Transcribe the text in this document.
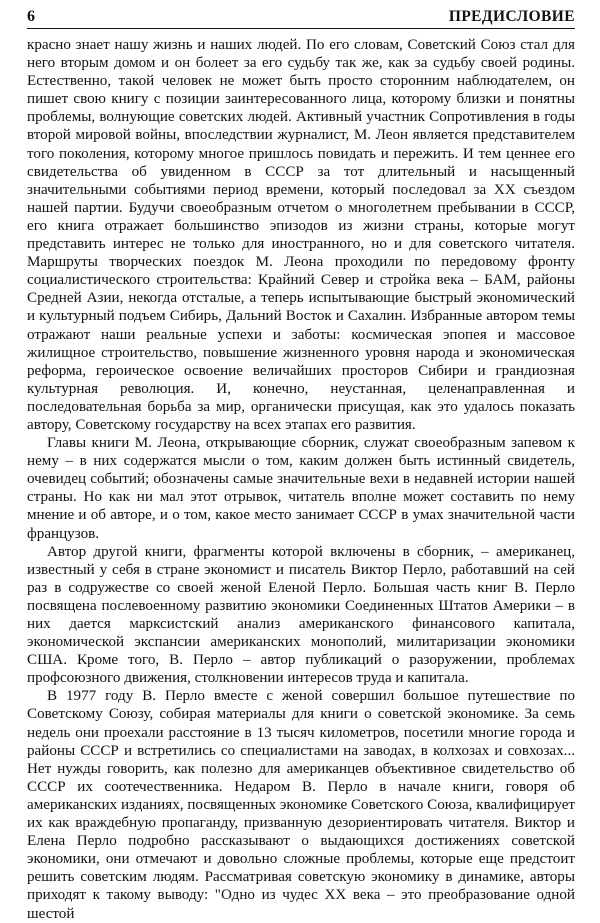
6	ПРЕДИСЛОВИЕ

красно знает нашу жизнь и наших людей. По его словам, Советский Союз стал для него вторым домом и он болеет за его судьбу так же, как за судьбу своей родины. Естественно, такой человек не может быть просто сторонним наблюдателем, он пишет свою книгу с позиции заинтересованного лица, которому близки и понятны проблемы, волнующие советских людей. Активный участник Сопротивления в годы второй мировой войны, впоследствии журналист, М. Леон является представителем того поколения, которому многое пришлось повидать и пережить. И тем ценнее его свидетельства об увиденном в СССР за тот длительный и насыщенный значительными событиями период времени, который последовал за XX съездом нашей партии. Будучи своеобразным отчетом о многолетнем пребывании в СССР, его книга отражает большинство эпизодов из жизни страны, которые могут представить интерес не только для иностранного, но и для советского читателя. Маршруты творческих поездок М. Леона проходили по передовому фронту социалистического строительства: Крайний Север и стройка века – БАМ, районы Средней Азии, некогда отсталые, а теперь испытывающие быстрый экономический и культурный подъем Сибирь, Дальний Восток и Сахалин. Избранные автором темы отражают наши реальные успехи и заботы: космическая эпопея и массовое жилищное строительство, повышение жизненного уровня народа и экономическая реформа, героическое освоение величайших просторов Сибири и грандиозная культурная революция. И, конечно, неустанная, целенаправленная и последовательная борьба за мир, органически присущая, как это удалось показать автору, Советскому государству на всех этапах его развития.

Главы книги М. Леона, открывающие сборник, служат своеобразным запевом к нему – в них содержатся мысли о том, каким должен быть истинный свидетель, очевидец событий; обозначены самые значительные вехи в недавней истории нашей страны. Но как ни мал этот отрывок, читатель вполне может составить по нему мнение и об авторе, и о том, какое место занимает СССР в умах значительной части французов.

Автор другой книги, фрагменты которой включены в сборник, – американец, известный у себя в стране экономист и писатель Виктор Перло, работавший на сей раз в содружестве со своей женой Еленой Перло. Большая часть книг В. Перло посвящена послевоенному развитию экономики Соединенных Штатов Америки – в них дается марксистский анализ американского финансового капитала, экономической экспансии американских монополий, милитаризации экономики США. Кроме того, В. Перло – автор публикаций о разоружении, проблемах профсоюзного движения, столкновении интересов труда и капитала.

В 1977 году В. Перло вместе с женой совершил большое путешествие по Советскому Союзу, собирая материалы для книги о советской экономике. За семь недель они проехали расстояние в 13 тысяч километров, посетили многие города и районы СССР и встретились со специалистами на заводах, в колхозах и совхозах... Нет нужды говорить, как полезно для американцев объективное свидетельство об СССР их соотечественника. Недаром В. Перло в начале книги, говоря об американских изданиях, посвященных экономике Советского Союза, квалифицирует их как враждебную пропаганду, призванную дезориентировать читателя. Виктор и Елена Перло подробно рассказывают о выдающихся достижениях советской экономики, они отмечают и довольно сложные проблемы, которые еще предстоит решить советским людям. Рассматривая советскую экономику в динамике, авторы приходят к такому выводу: "Одно из чудес XX века – это преобразование одной шестой
